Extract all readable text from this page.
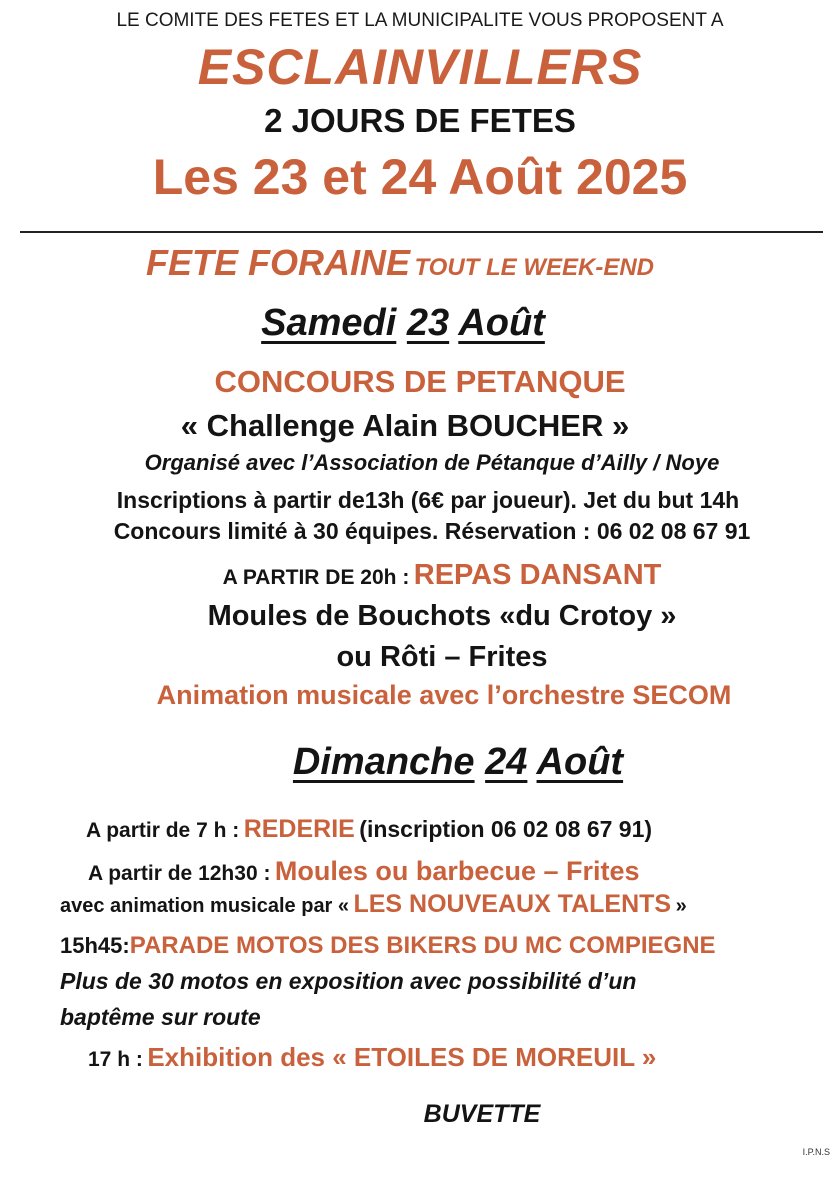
LE COMITE DES FETES ET LA MUNICIPALITE VOUS PROPOSENT A
ESCLAINVILLERS
2 JOURS DE FETES
Les 23 et 24 Août 2025
FETE FORAINE TOUT LE WEEK-END
Samedi 23 Août
CONCOURS DE PETANQUE
« Challenge Alain BOUCHER »
Organisé avec l’Association de Pétanque d’Ailly / Noye
Inscriptions à partir de13h (6€ par joueur). Jet du but 14h
Concours limité à 30 équipes. Réservation : 06 02 08 67 91
A PARTIR DE 20h : REPAS DANSANT
Moules de Bouchots «du Crotoy »
ou Rôti – Frites
Animation musicale avec l’orchestre SECOM
Dimanche 24 Août
A partir de 7 h : REDERIE (inscription 06 02 08 67 91)
A partir de 12h30 : Moules ou barbecue – Frites
avec animation musicale par « LES NOUVEAUX TALENTS »
15h45:PARADE MOTOS DES BIKERS DU MC COMPIEGNE
Plus de 30 motos en exposition avec possibilité d’un
baptême sur route
17 h : Exhibition des « ETOILES DE MOREUIL »
BUVETTE
I.P.N.S
